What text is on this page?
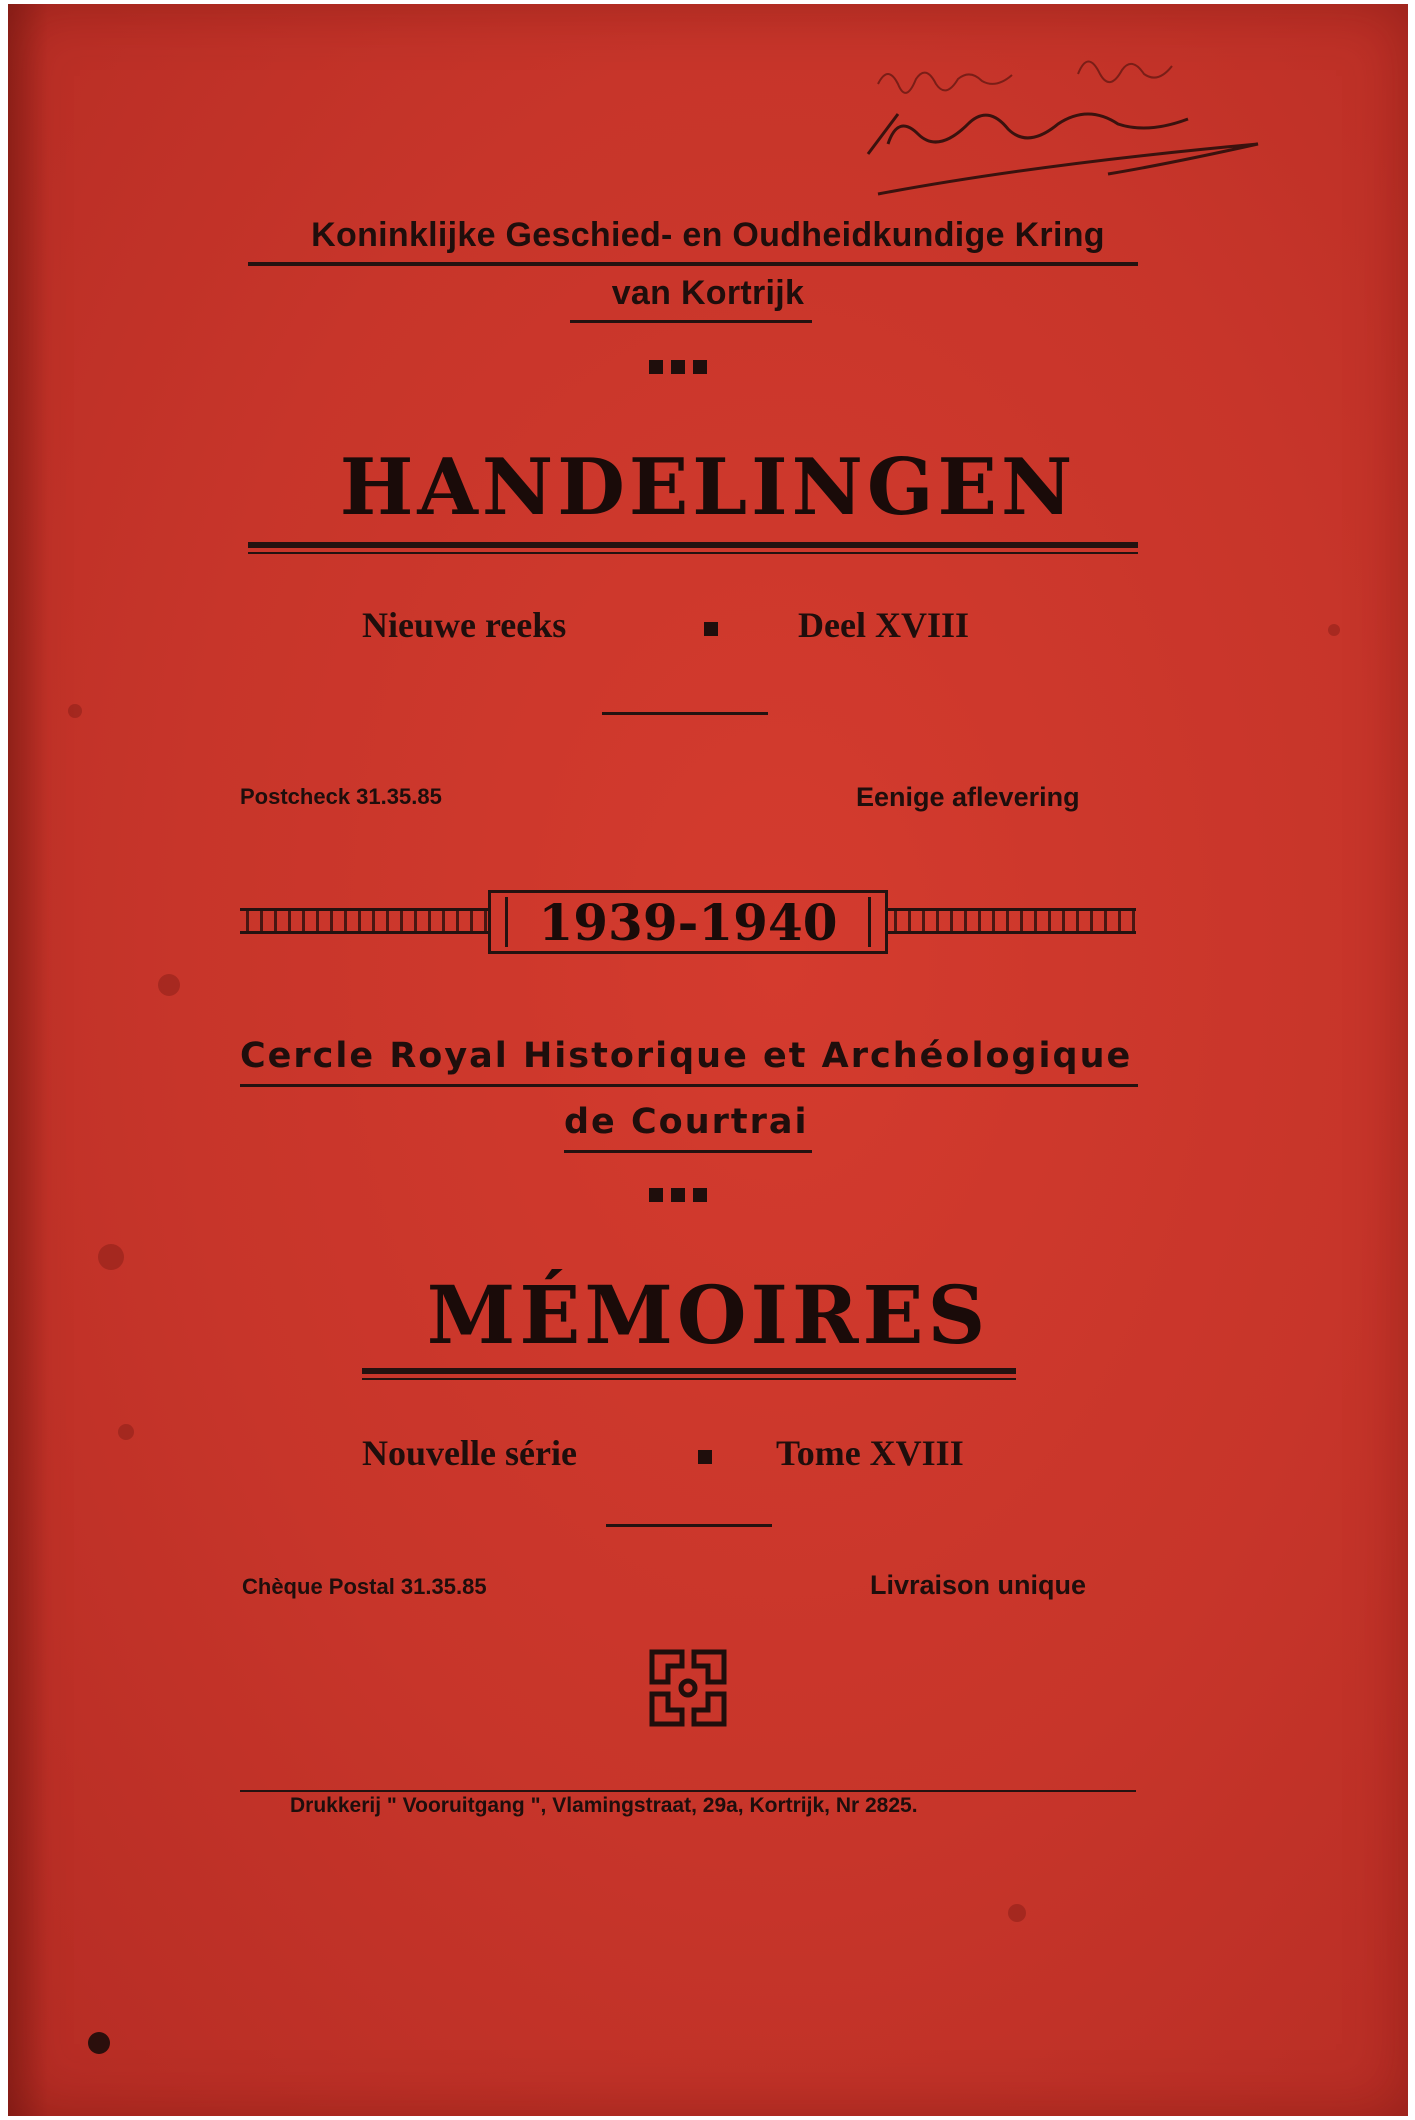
Koninklijke Geschied- en Oudheidkundige Kring
van Kortrijk
HANDELINGEN
Nieuwe reeks	Deel XVIII
Postcheck 31.35.85	Eenige aflevering
1939-1940
Cercle Royal Historique et Archéologique
de Courtrai
MÉMOIRES
Nouvelle série	Tome XVIII
Chèque Postal 31.35.85	Livraison unique
Drukkerij " Vooruitgang ", Vlamingstraat, 29a, Kortrijk, Nr 2825.
